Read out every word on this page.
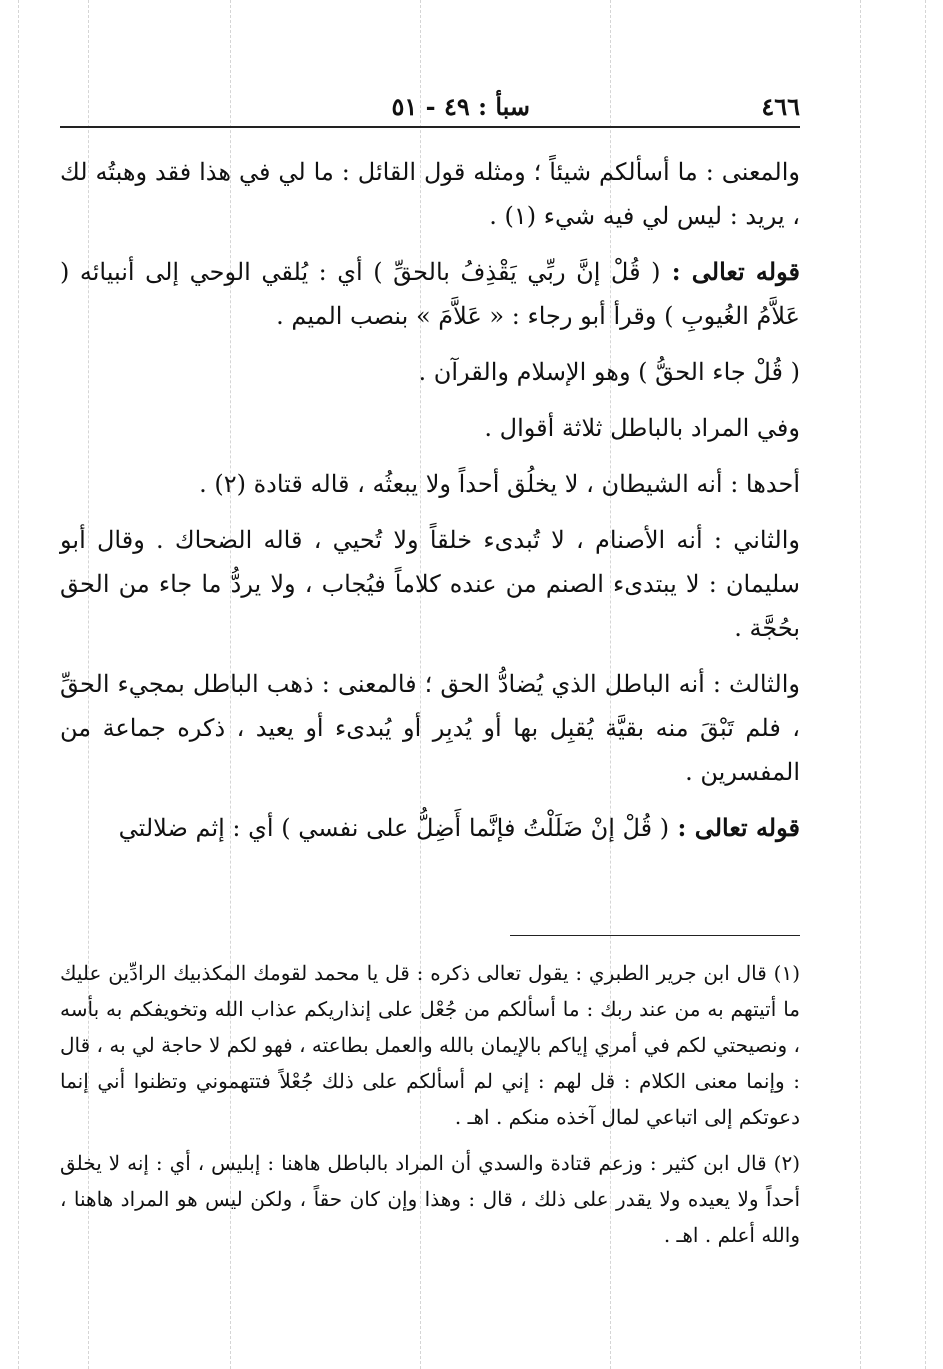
٤٦٦
سبأ : ٤٩ - ٥١

والمعنى : ما أسألكم شيئاً ؛ ومثله قول القائل : ما لي في هذا فقد وهبتُه لك ، يريد : ليس لي فيه شيء (١) .

قوله تعالى : ( قُلْ إنَّ ربِّي يَقْذِفُ بالحقِّ ) أي : يُلقي الوحي إلى أنبيائه ( عَلاَّمُ الغُيوبِ ) وقرأ أبو رجاء : « عَلاَّمَ » بنصب الميم .

( قُلْ جاء الحقُّ ) وهو الإسلام والقرآن .

وفي المراد بالباطل ثلاثة أقوال .

أحدها : أنه الشيطان ، لا يخلُق أحداً ولا يبعثُه ، قاله قتادة (٢) .

والثاني : أنه الأصنام ، لا تُبدىء خلقاً ولا تُحيي ، قاله الضحاك . وقال أبو سليمان : لا يبتدىء الصنم من عنده كلاماً فيُجاب ، ولا يردُّ ما جاء من الحق بحُجَّة .

والثالث : أنه الباطل الذي يُضادُّ الحق ؛ فالمعنى : ذهب الباطل بمجيء الحقِّ ، فلم تَبْقَ منه بقيَّة يُقبِل بها أو يُدبِر أو يُبدىء أو يعيد ، ذكره جماعة من المفسرين .

قوله تعالى : ( قُلْ إنْ ضَلَلْتُ فإنَّما أَضِلُّ على نفسي ) أي : إثم ضلالتي

(١) قال ابن جرير الطبري : يقول تعالى ذكره : قل يا محمد لقومك المكذبيك الرادِّين عليك ما أتيتهم به من عند ربك : ما أسألكم من جُعْل على إنذاريكم عذاب الله وتخويفكم به بأسه ، ونصيحتي لكم في أمري إياكم بالإيمان بالله والعمل بطاعته ، فهو لكم لا حاجة لي به ، قال : وإنما معنى الكلام : قل لهم : إني لم أسألكم على ذلك جُعْلاً فتتهموني وتظنوا أني إنما دعوتكم إلى اتباعي لمال آخذه منكم . اهـ .

(٢) قال ابن كثير : وزعم قتادة والسدي أن المراد بالباطل هاهنا : إبليس ، أي : إنه لا يخلق أحداً ولا يعيده ولا يقدر على ذلك ، قال : وهذا وإن كان حقاً ، ولكن ليس هو المراد هاهنا ، والله أعلم . اهـ .
